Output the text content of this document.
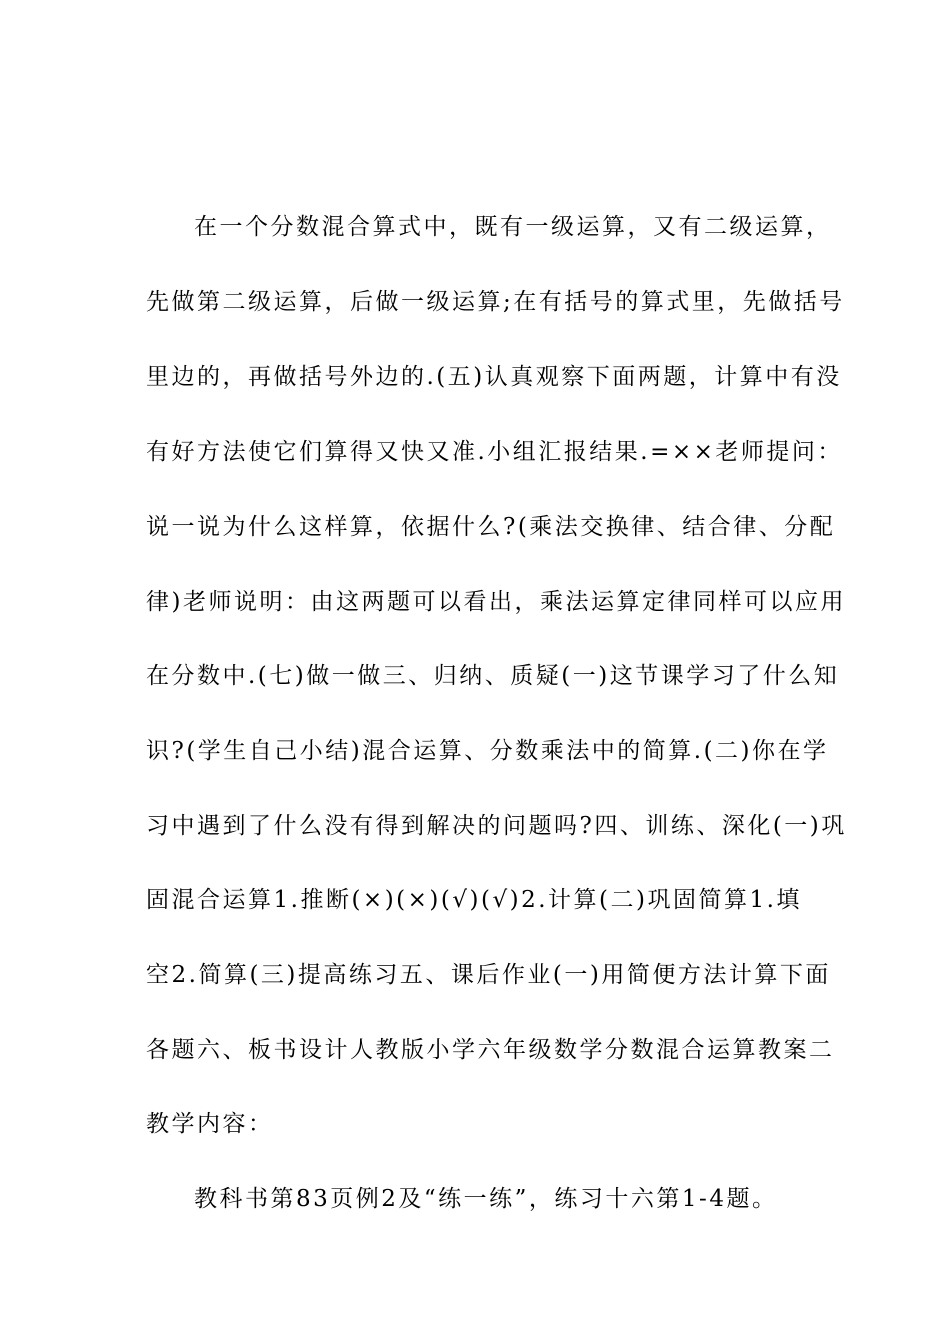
在一个分数混合算式中，既有一级运算，又有二级运算，
先做第二级运算，后做一级运算;在有括号的算式里，先做括号
里边的，再做括号外边的.(五)认真观察下面两题，计算中有没
有好方法使它们算得又快又准.小组汇报结果.=××老师提问：
说一说为什么这样算，依据什么?(乘法交换律、结合律、分配
律)老师说明：由这两题可以看出，乘法运算定律同样可以应用
在分数中.(七)做一做三、归纳、质疑(一)这节课学习了什么知
识?(学生自己小结)混合运算、分数乘法中的简算.(二)你在学
习中遇到了什么没有得到解决的问题吗?四、训练、深化(一)巩
固混合运算1.推断(×)(×)(√)(√)2.计算(二)巩固简算1.填
空2.简算(三)提高练习五、课后作业(一)用简便方法计算下面
各题六、板书设计人教版小学六年级数学分数混合运算教案二
教学内容：
教科书第83页例2及“练一练”，练习十六第1-4题。
